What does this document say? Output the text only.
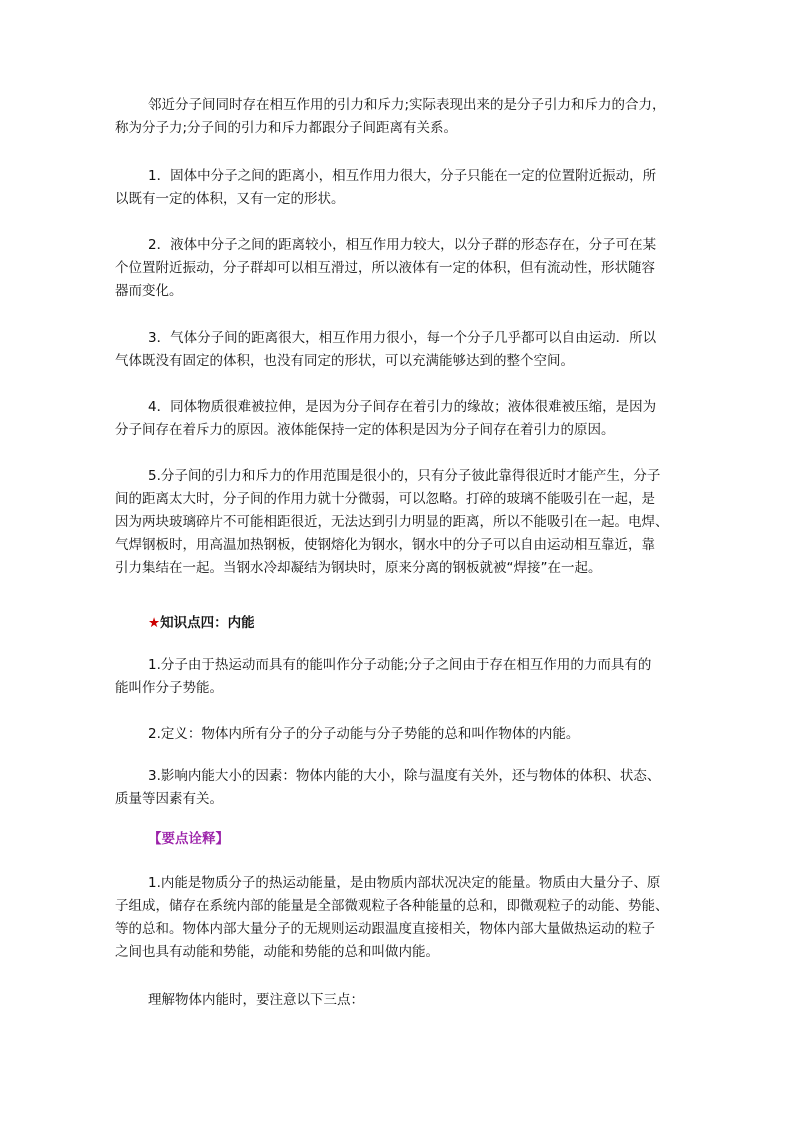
邻近分子间同时存在相互作用的引力和斥力;实际表现出来的是分子引力和斥力的合力，
称为分子力;分子间的引力和斥力都跟分子间距离有关系。

1．固体中分子之间的距离小，相互作用力很大，分子只能在一定的位置附近振动，所
以既有一定的体积，又有一定的形状。

2．液体中分子之间的距离较小，相互作用力较大，以分子群的形态存在，分子可在某
个位置附近振动，分子群却可以相互滑过，所以液体有一定的体积，但有流动性，形状随容
器而变化。

3．气体分子间的距离很大，相互作用力很小，每一个分子几乎都可以自由运动．所以
气体既没有固定的体积，也没有同定的形状，可以充满能够达到的整个空间。

4．同体物质很难被拉伸，是因为分子间存在着引力的缘故；液体很难被压缩，是因为
分子间存在着斥力的原因。液体能保持一定的体积是因为分子间存在着引力的原因。

5.分子间的引力和斥力的作用范围是很小的，只有分子彼此靠得很近时才能产生，分子
间的距离太大时，分子间的作用力就十分微弱，可以忽略。打碎的玻璃不能吸引在一起，是
因为两块玻璃碎片不可能相距很近，无法达到引力明显的距离，所以不能吸引在一起。电焊、
气焊钢板时，用高温加热钢板，使钢熔化为钢水，钢水中的分子可以自由运动相互靠近，靠
引力集结在一起。当钢水冷却凝结为钢块时，原来分离的钢板就被“焊接”在一起。

★知识点四：内能

1.分子由于热运动而具有的能叫作分子动能;分子之间由于存在相互作用的力而具有的
能叫作分子势能。

2.定义：物体内所有分子的分子动能与分子势能的总和叫作物体的内能。

3.影响内能大小的因素：物体内能的大小，除与温度有关外，还与物体的体积、状态、
质量等因素有关。

【要点诠释】

1.内能是物质分子的热运动能量，是由物质内部状况决定的能量。物质由大量分子、原
子组成，储存在系统内部的能量是全部微观粒子各种能量的总和，即微观粒子的动能、势能、
等的总和。物体内部大量分子的无规则运动跟温度直接相关，物体内部大量做热运动的粒子
之间也具有动能和势能，动能和势能的总和叫做内能。

理解物体内能时，要注意以下三点：
